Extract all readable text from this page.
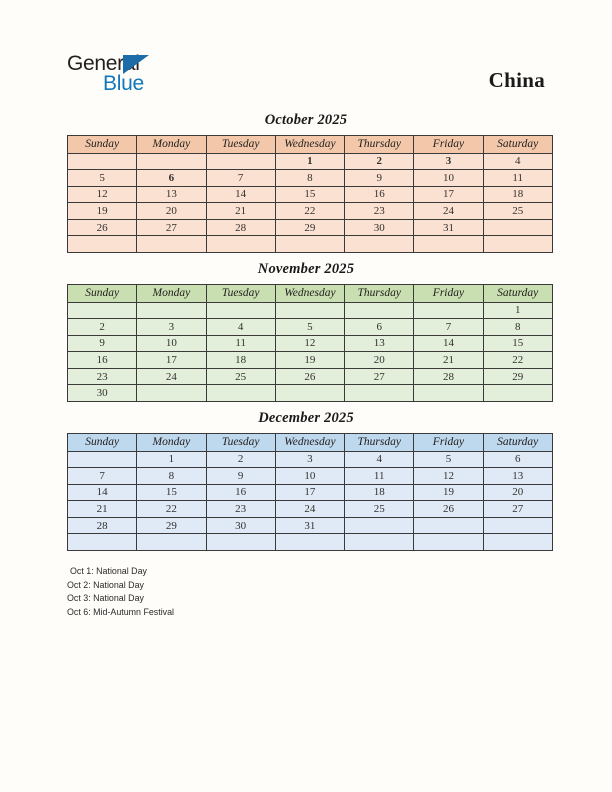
General
Blue	China
October 2025
Sunday	Monday	Tuesday	Wednesday	Thursday	Friday	Saturday
			1	2	3	4
5	6	7	8	9	10	11
12	13	14	15	16	17	18
19	20	21	22	23	24	25
26	27	28	29	30	31	

November 2025
Sunday	Monday	Tuesday	Wednesday	Thursday	Friday	Saturday
						1
2	3	4	5	6	7	8
9	10	11	12	13	14	15
16	17	18	19	20	21	22
23	24	25	26	27	28	29
30						
December 2025
Sunday	Monday	Tuesday	Wednesday	Thursday	Friday	Saturday
	1	2	3	4	5	6
7	8	9	10	11	12	13
14	15	16	17	18	19	20
21	22	23	24	25	26	27
28	29	30	31			

Oct 1: National Day
Oct 2: National Day
Oct 3: National Day
Oct 6: Mid-Autumn Festival
